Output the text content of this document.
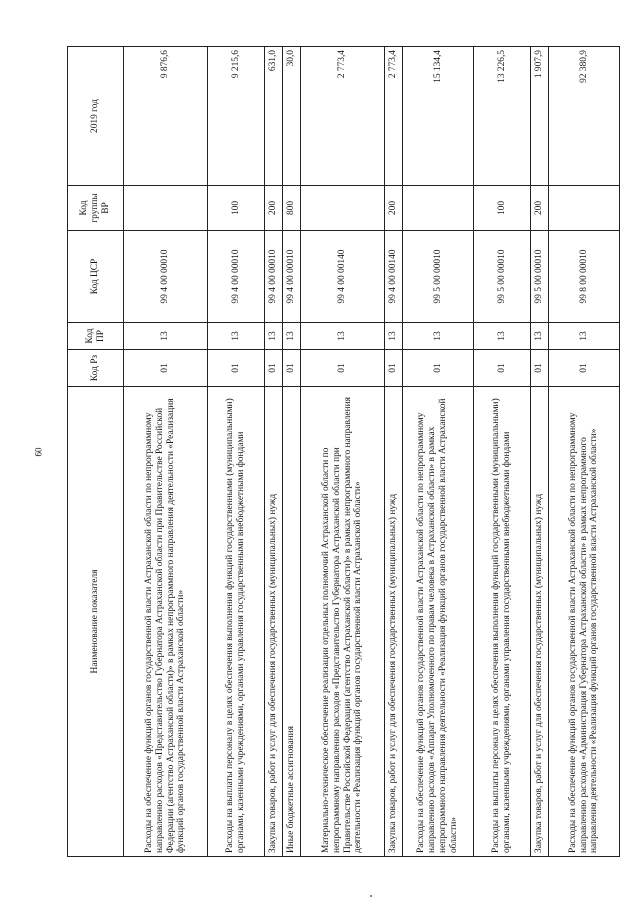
60
Наименование показателя	Код Рз	Код ПР	Код ЦСР	Код группы ВР	2019 год
Расходы на обеспечение функций органов государственной власти Астраханской области по непрограммному направлению расходов «Представительство Губернатора Астраханской области при Правительстве Российской Федерации (агентство Астраханской области)» в рамках непрограммного направления деятельности «Реализация функций органов государственной власти Астраханской области»	01	13	99 4 00 00010		9 876,6
Расходы на выплаты персоналу в целях обеспечения выполнения функций государственными (муниципальными) органами, казенными учреждениями, органами управления государственными внебюджетными фондами	01	13	99 4 00 00010	100	9 215,6
Закупка товаров, работ и услуг для обеспечения государственных (муниципальных) нужд	01	13	99 4 00 00010	200	631,0
Иные бюджетные ассигнования	01	13	99 4 00 00010	800	30,0
Материально-техническое обеспечение реализации отдельных полномочий Астраханской области по непрограммному направлению расходов «Представительство Губернатора Астраханской области при Правительстве Российской Федерации (агентство Астраханской области)» в рамках непрограммного направления деятельности «Реализация функций органов государственной власти Астраханской области»	01	13	99 4 00 00140		2 773,4
Закупка товаров, работ и услуг для обеспечения государственных (муниципальных) нужд	01	13	99 4 00 00140	200	2 773,4
Расходы на обеспечение функций органов государственной власти Астраханской области по непрограммному направлению расходов «Аппарат Уполномоченного по правам человека в Астраханской области» в рамках непрограммного направления деятельности «Реализация функций органов государственной власти Астраханской области»	01	13	99 5 00 00010		15 134,4
Расходы на выплаты персоналу в целях обеспечения выполнения функций государственными (муниципальными) органами, казенными учреждениями, органами управления государственными внебюджетными фондами	01	13	99 5 00 00010	100	13 226,5
Закупка товаров, работ и услуг для обеспечения государственных (муниципальных) нужд	01	13	99 5 00 00010	200	1 907,9
Расходы на обеспечение функций органов государственной власти Астраханской области по непрограммному направлению расходов «Администрация Губернатора Астраханской области» в рамках непрограммного направления деятельности «Реализация функций органов государственной власти Астраханской области»	01	13	99 8 00 00010		92 380,9
